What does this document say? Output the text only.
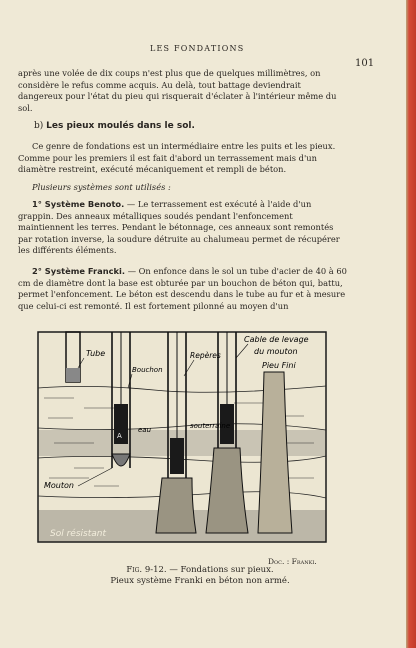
LES FONDATIONS
101
après une volée de dix coups n'est plus que de quelques millimètres, on considère le refus comme acquis. Au delà, tout battage deviendrait dangereux pour l'état du pieu qui risquerait d'éclater à l'intérieur même du sol.
b) Les pieux moulés dans le sol.
Ce genre de fondations est un intermédiaire entre les puits et les pieux. Comme pour les premiers il est fait d'abord un terrassement mais d'un diamètre restreint, exécuté mécaniquement et rempli de béton.
Plusieurs systèmes sont utilisés :
1° Système Benoto. — Le terrassement est exécuté à l'aide d'un grappin. Des anneaux métalliques soudés pendant l'enfoncement maintiennent les terres. Pendant le bétonnage, ces anneaux sont remontés par rotation inverse, la soudure détruite au chalumeau permet de récupérer les différents éléments.
2° Système Francki. — On enfonce dans le sol un tube d'acier de 40 à 60 cm de diamètre dont la base est obturée par un bouchon de béton qui, battu, permet l'enfoncement. Le béton est descendu dans le tube au fur et à mesure que celui-ci est remonté. Il est fortement pilonné au moyen d'un
Tube
Bouchon
Repères
Cable de levage
du mouton
Pieu Fini
eau	souterraine
Mouton
Sol résistant
A
Doc. : Franki.
Fig. 9-12. — Fondations sur pieux.
Pieux système Franki en béton non armé.
